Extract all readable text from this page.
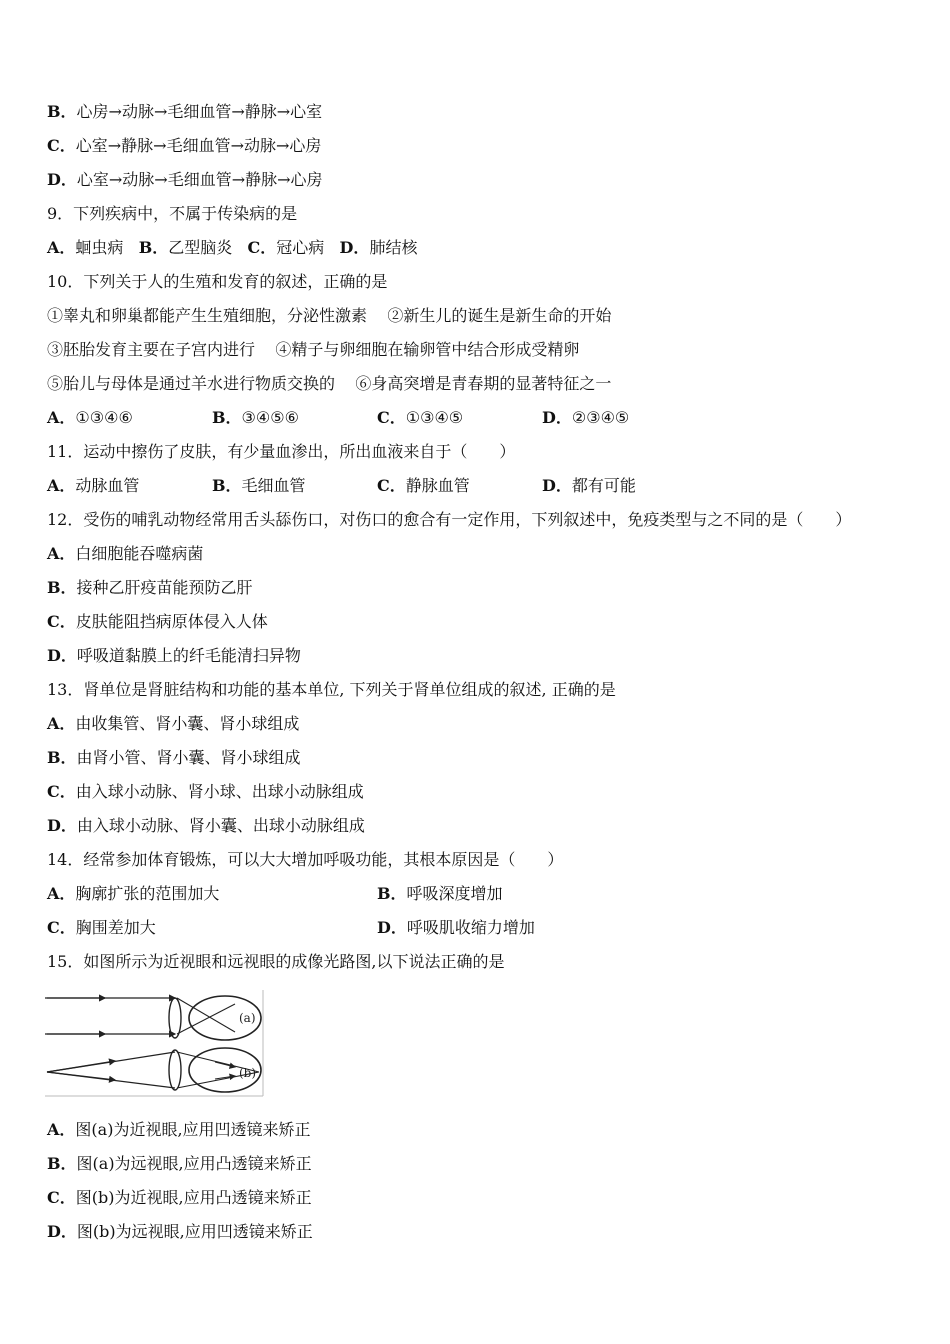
B．心房→动脉→毛细血管→静脉→心室
C．心室→静脉→毛细血管→动脉→心房
D．心室→动脉→毛细血管→静脉→心房
9．下列疾病中，不属于传染病的是
A．蛔虫病 B．乙型脑炎 C．冠心病 D．肺结核
10．下列关于人的生殖和发育的叙述，正确的是
①睾丸和卵巢都能产生生殖细胞，分泌性激素 ②新生儿的诞生是新生命的开始
③胚胎发育主要在子宫内进行 ④精子与卵细胞在输卵管中结合形成受精卵
⑤胎儿与母体是通过羊水进行物质交换的 ⑥身高突增是青春期的显著特征之一
A．①③④⑥	B．③④⑤⑥	C．①③④⑤	D．②③④⑤
11．运动中擦伤了皮肤，有少量血渗出，所出血液来自于（　　）
A．动脉血管	B．毛细血管	C．静脉血管	D．都有可能
12．受伤的哺乳动物经常用舌头舔伤口，对伤口的愈合有一定作用，下列叙述中，免疫类型与之不同的是（　　）
A．白细胞能吞噬病菌
B．接种乙肝疫苗能预防乙肝
C．皮肤能阻挡病原体侵入人体
D．呼吸道黏膜上的纤毛能清扫异物
13．肾单位是肾脏结构和功能的基本单位, 下列关于肾单位组成的叙述, 正确的是
A．由收集管、肾小囊、肾小球组成
B．由肾小管、肾小囊、肾小球组成
C．由入球小动脉、肾小球、出球小动脉组成
D．由入球小动脉、肾小囊、出球小动脉组成
14．经常参加体育锻炼，可以大大增加呼吸功能，其根本原因是（　　）
A．胸廓扩张的范围加大	B．呼吸深度增加
C．胸围差加大	D．呼吸肌收缩力增加
15．如图所示为近视眼和远视眼的成像光路图,以下说法正确的是
(a)
(b)
A．图(a)为近视眼,应用凹透镜来矫正
B．图(a)为远视眼,应用凸透镜来矫正
C．图(b)为近视眼,应用凸透镜来矫正
D．图(b)为远视眼,应用凹透镜来矫正
